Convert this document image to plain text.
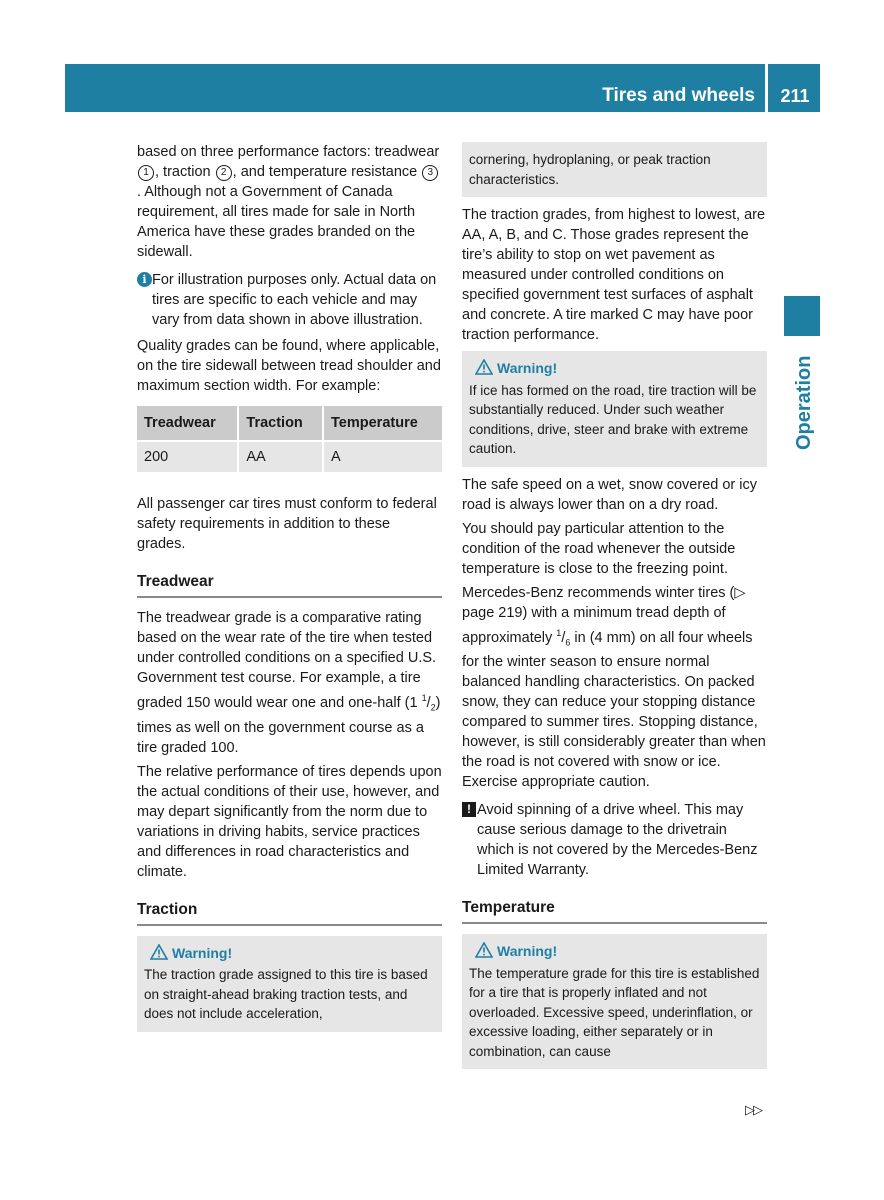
Tires and wheels	211
Operation

based on three performance factors: treadwear 1 , traction 2 , and temperature resistance 3. Although not a Government of Canada requirement, all tires made for sale in North America have these grades branded on the sidewall.

i For illustration purposes only. Actual data on tires are specific to each vehicle and may vary from data shown in above illustration.

Quality grades can be found, where applicable, on the tire sidewall between tread shoulder and maximum section width. For example:

Treadwear	Traction	Temperature
200	AA	A

All passenger car tires must conform to federal safety requirements in addition to these grades.

Treadwear

The treadwear grade is a comparative rating based on the wear rate of the tire when tested under controlled conditions on a specified U.S. Government test course. For example, a tire graded 150 would wear one and one-half (1 $^1/_2$) times as well on the government course as a tire graded 100.

The relative performance of tires depends upon the actual conditions of their use, however, and may depart significantly from the norm due to variations in driving habits, service practices and differences in road characteristics and climate.

Traction
Warning!
The traction grade assigned to this tire is based on straight-ahead braking traction tests, and does not include acceleration,
cornering, hydroplaning, or peak traction characteristics.

The traction grades, from highest to lowest, are AA, A, B, and C. Those grades represent the tire’s ability to stop on wet pavement as measured under controlled conditions on specified government test surfaces of asphalt and concrete. A tire marked C may have poor traction performance.

Warning!
If ice has formed on the road, tire traction will be substantially reduced. Under such weather conditions, drive, steer and brake with extreme caution.

The safe speed on a wet, snow covered or icy road is always lower than on a dry road.

You should pay particular attention to the condition of the road whenever the outside temperature is close to the freezing point.

Mercedes-Benz recommends winter tires (▷ page 219) with a minimum tread depth of approximately $^1/_6$ in (4 mm) on all four wheels for the winter season to ensure normal balanced handling characteristics. On packed snow, they can reduce your stopping distance compared to summer tires. Stopping distance, however, is still considerably greater than when the road is not covered with snow or ice. Exercise appropriate caution.

! Avoid spinning of a drive wheel. This may cause serious damage to the drivetrain which is not covered by the Mercedes-Benz Limited Warranty.
Temperature
Warning!
The temperature grade for this tire is established for a tire that is properly inflated and not overloaded. Excessive speed, underinflation, or excessive loading, either separately or in combination, can cause
▷▷
